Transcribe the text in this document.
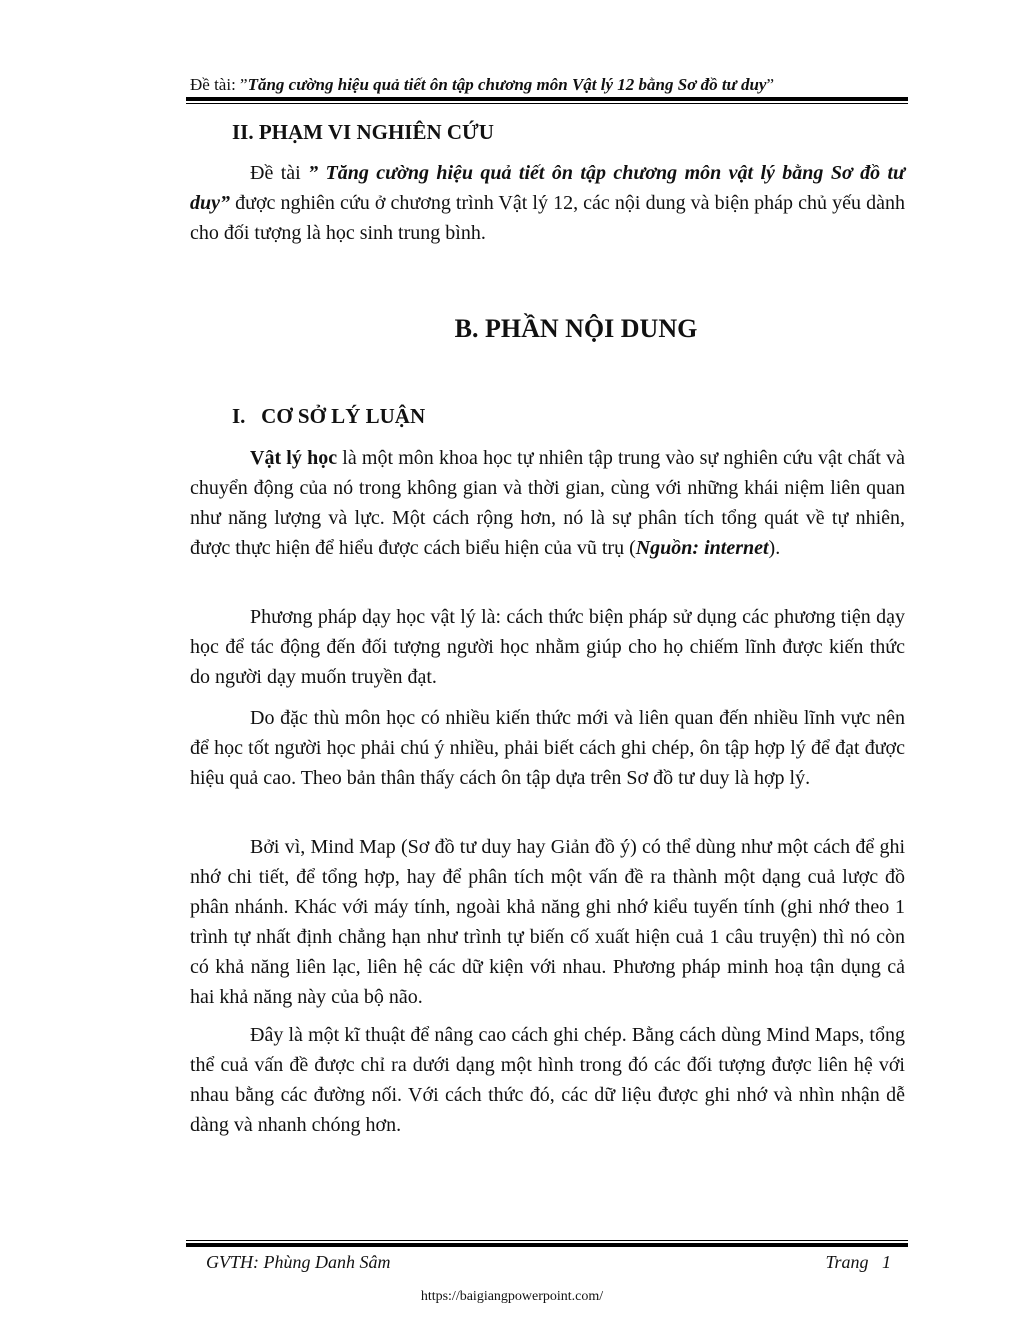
Đề tài: ”Tăng cường hiệu quả tiết ôn tập chương môn Vật lý 12 bằng Sơ đồ tư duy”
II. PHẠM VI NGHIÊN CỨU

Đề tài ” Tăng cường hiệu quả tiết ôn tập chương môn vật lý bằng Sơ đồ tư duy” được nghiên cứu ở chương trình Vật lý 12, các nội dung và biện pháp chủ yếu dành cho đối tượng là học sinh trung bình.

B. PHẦN NỘI DUNG
I.   CƠ SỞ LÝ LUẬN

Vật lý học là một môn khoa học tự nhiên tập trung vào sự nghiên cứu vật chất và chuyển động của nó trong không gian và thời gian, cùng với những khái niệm liên quan như năng lượng và lực. Một cách rộng hơn, nó là sự phân tích tổng quát về tự nhiên, được thực hiện để hiểu được cách biểu hiện của vũ trụ (Nguồn: internet).

Phương pháp dạy học vật lý là: cách thức biện pháp sử dụng các phương tiện dạy học để tác động đến đối tượng người học nhằm giúp cho họ chiếm lĩnh được kiến thức do người dạy muốn truyền đạt.

Do đặc thù môn học có nhiều kiến thức mới và liên quan đến nhiều lĩnh vực nên để học tốt người học phải chú ý nhiều, phải biết cách ghi chép, ôn tập hợp lý để đạt được hiệu quả cao. Theo bản thân thấy cách ôn tập dựa trên Sơ đồ tư duy là hợp lý.

Bởi vì, Mind Map (Sơ đồ tư duy hay Giản đồ ý) có thể dùng như một cách để ghi nhớ chi tiết, để tổng hợp, hay để phân tích một vấn đề ra thành một dạng cuả lược đồ phân nhánh. Khác với máy tính, ngoài khả năng ghi nhớ kiểu tuyến tính (ghi nhớ theo 1 trình tự nhất định chẳng hạn như trình tự biến cố xuất hiện cuả 1 câu truyện) thì nó còn có khả năng liên lạc, liên hệ các dữ kiện với nhau. Phương pháp minh hoạ tận dụng cả hai khả năng này của bộ não.

Đây là một kĩ thuật để nâng cao cách ghi chép. Bằng cách dùng Mind Maps, tổng thể cuả vấn đề được chỉ ra dưới dạng một hình trong đó các đối tượng được liên hệ với nhau bằng các đường nối. Với cách thức đó, các dữ liệu được ghi nhớ và nhìn nhận dễ dàng và nhanh chóng hơn.

GVTH: Phùng Danh Sâm	Trang   1
https://baigiangpowerpoint.com/
